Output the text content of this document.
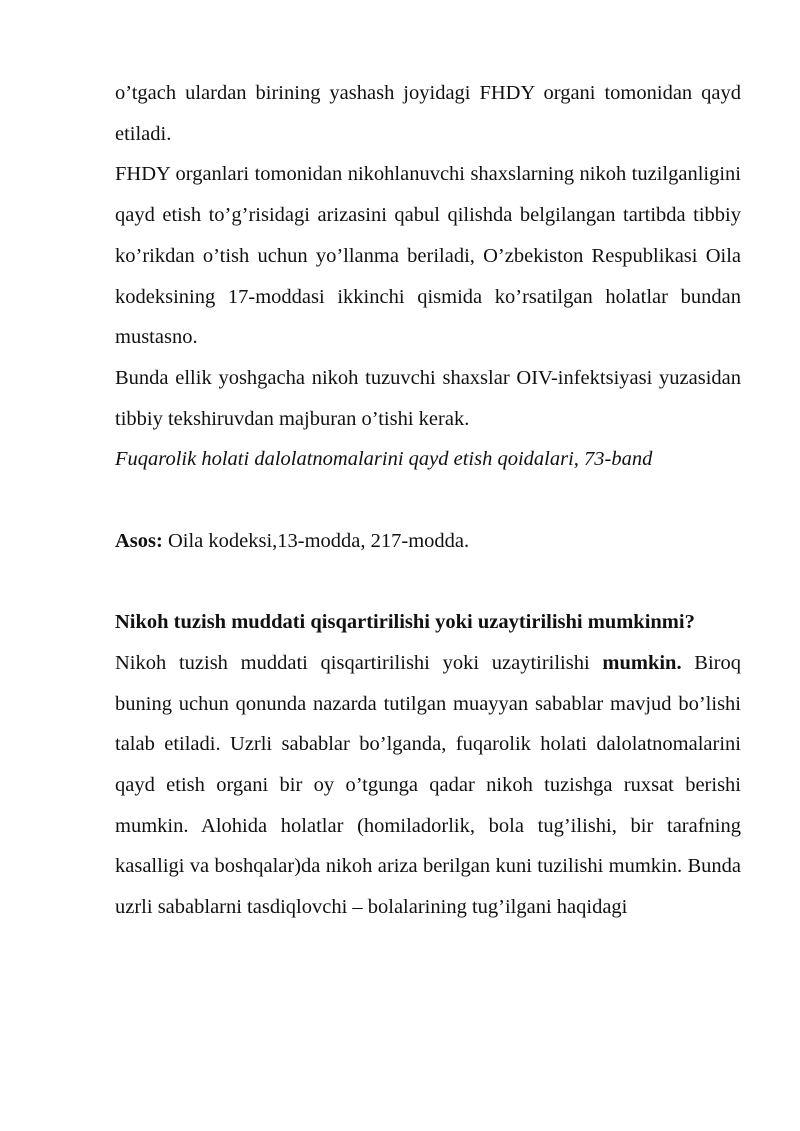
o’tgach ulardan birining yashash joyidagi FHDY organi tomonidan qayd etiladi.

FHDY organlari tomonidan nikohlanuvchi shaxslarning nikoh tuzilganligini qayd etish to’g’risidagi arizasini qabul qilishda belgilangan tartibda tibbiy ko’rikdan o’tish uchun yo’llanma beriladi, O’zbekiston Respublikasi Oila kodeksining 17-moddasi ikkinchi qismida ko’rsatilgan holatlar bundan mustasno.

Bunda ellik yoshgacha nikoh tuzuvchi shaxslar OIV-infektsiyasi yuzasidan tibbiy tekshiruvdan majburan o’tishi kerak.

Fuqarolik holati dalolatnomalarini qayd etish qoidalari, 73-band

Asos: Oila kodeksi,13-modda, 217-modda.

Nikoh tuzish muddati qisqartirilishi yoki uzaytirilishi mumkinmi?

Nikoh tuzish muddati qisqartirilishi yoki uzaytirilishi mumkin. Biroq buning uchun qonunda nazarda tutilgan muayyan sabablar mavjud bo’lishi talab etiladi. Uzrli sabablar bo’lganda, fuqarolik holati dalolatnomalarini qayd etish organi bir oy o’tgunga qadar nikoh tuzishga ruxsat berishi mumkin. Alohida holatlar (homiladorlik, bola tug’ilishi, bir tarafning kasalligi va boshqalar)da nikoh ariza berilgan kuni tuzilishi mumkin. Bunda uzrli sabablarni tasdiqlovchi – bolalarining tug’ilgani haqidagi
